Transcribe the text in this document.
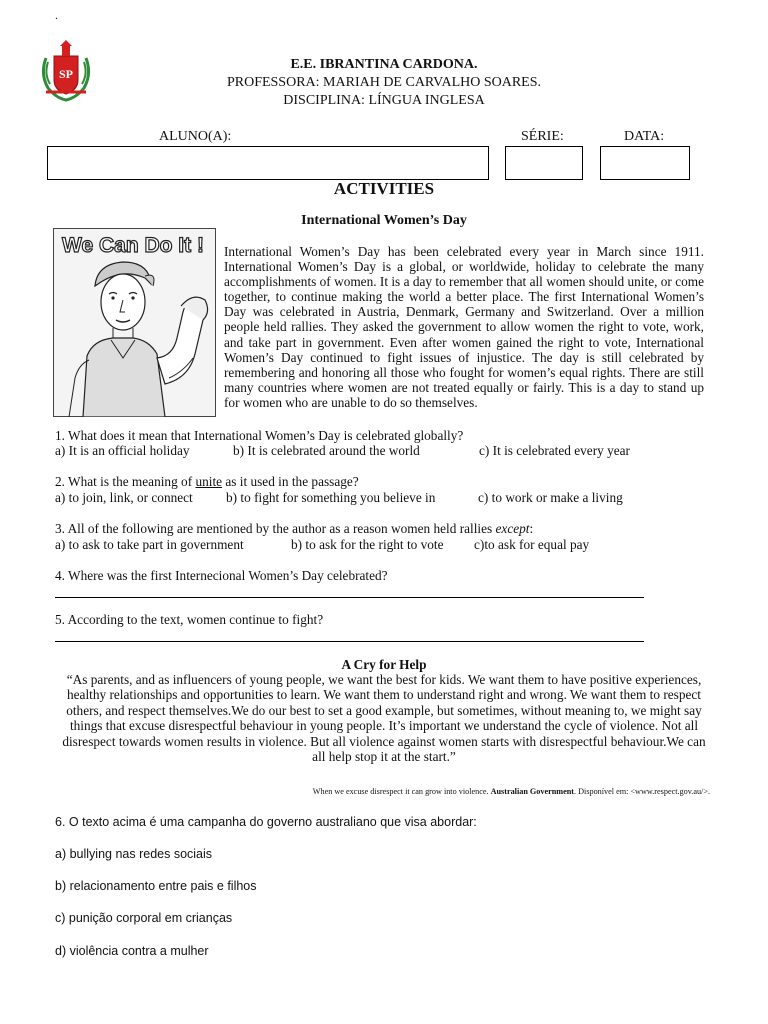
.
SP
E.E. IBRANTINA CARDONA.
PROFESSORA: MARIAH DE CARVALHO SOARES.
DISCIPLINA: LÍNGUA INGLESA
ALUNO(A):	SÉRIE:	DATA:
ACTIVITIES
International Women’s Day
We Can Do It ! International Women’s Day has been celebrated every year in March since 1911. International Women’s Day is a global, or worldwide, holiday to celebrate the many accomplishments of women. It is a day to remember that all women should unite, or come together, to continue making the world a better place. The first International Women’s Day was celebrated in Austria, Denmark, Germany and Switzerland. Over a million people held rallies. They asked the government to allow women the right to vote, work, and take part in government. Even after women gained the right to vote, International Women’s Day continued to fight issues of injustice. The day is still celebrated by remembering and honoring all those who fought for women’s equal rights. There are still many countries where women are not treated equally or fairly. This is a day to stand up for women who are unable to do so themselves.
1. What does it mean that International Women’s Day is celebrated globally?
a) It is an official holiday	b) It is celebrated around the world	c) It is celebrated every year
2. What is the meaning of unite as it used in the passage?
a) to join, link, or connect	b) to fight for something you believe in	c) to work or make a living
3. All of the following are mentioned by the author as a reason women held rallies except:
a) to ask to take part in government	b) to ask for the right to vote c)to ask for equal pay
4. Where was the first Internecional Women’s Day celebrated?
5. According to the text, women continue to fight?
A Cry for Help
“As parents, and as influencers of young people, we want the best for kids. We want them to have positive experiences, healthy relationships and opportunities to learn. We want them to understand right and wrong. We want them to respect others, and respect themselves.We do our best to set a good example, but sometimes, without meaning to, we might say things that excuse disrespectful behaviour in young people. It’s important we understand the cycle of violence. Not all disrespect towards women results in violence. But all violence against women starts with disrespectful behaviour.We can all help stop it at the start.”
When we excuse disrespect it can grow into violence. Australian Government. Disponível em: <www.respect.gov.au/>.
6. O texto acima é uma campanha do governo australiano que visa abordar:
a) bullying nas redes sociais
b) relacionamento entre pais e filhos
c) punição corporal em crianças
d) violência contra a mulher
